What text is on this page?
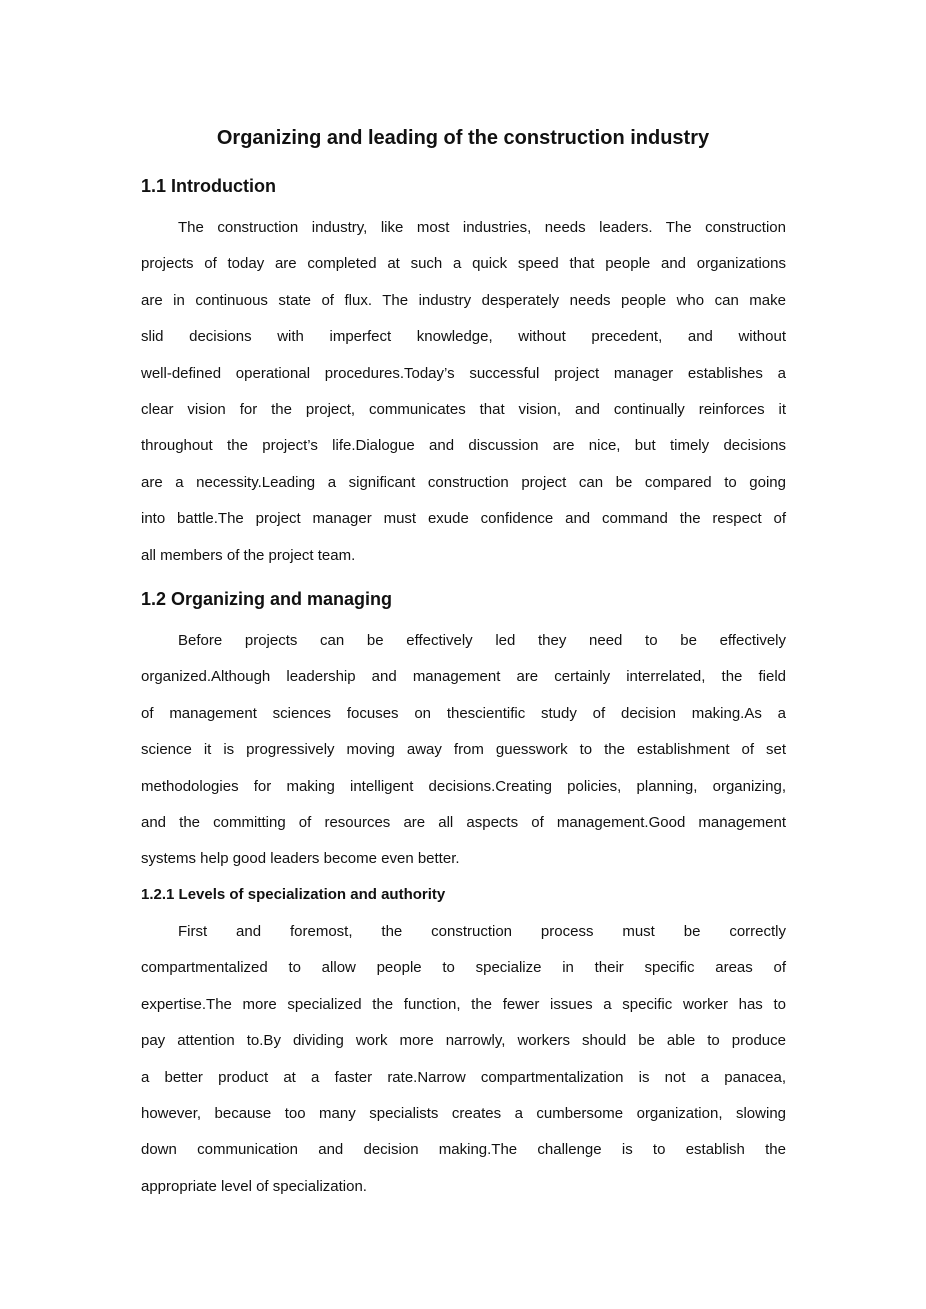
Organizing and leading of the construction industry
1.1 Introduction
The construction industry, like most industries, needs leaders. The construction
projects of today are completed at such a quick speed that people and organizations
are in continuous state of flux. The industry desperately needs people who can make
slid decisions with imperfect knowledge, without precedent, and without
well-defined operational procedures.Today’s successful project manager establishes a
clear vision for the project, communicates that vision, and continually reinforces it
throughout the project’s life.Dialogue and discussion are nice, but timely decisions
are a necessity.Leading a significant construction project can be compared to going
into battle.The project manager must exude confidence and command the respect of
all members of the project team.
1.2 Organizing and managing
Before projects can be effectively led they need to be effectively
organized.Although leadership and management are certainly interrelated, the field
of management sciences focuses on thescientific study of decision making.As a
science it is progressively moving away from guesswork to the establishment of set
methodologies for making intelligent decisions.Creating policies, planning, organizing,
and the committing of resources are all aspects of management.Good management
systems help good leaders become even better.
1.2.1 Levels of specialization and authority
First and foremost, the construction process must be correctly
compartmentalized to allow people to specialize in their specific areas of
expertise.The more specialized the function, the fewer issues a specific worker has to
pay attention to.By dividing work more narrowly, workers should be able to produce
a better product at a faster rate.Narrow compartmentalization is not a panacea,
however, because too many specialists creates a cumbersome organization, slowing
down communication and decision making.The challenge is to establish the
appropriate level of specialization.
